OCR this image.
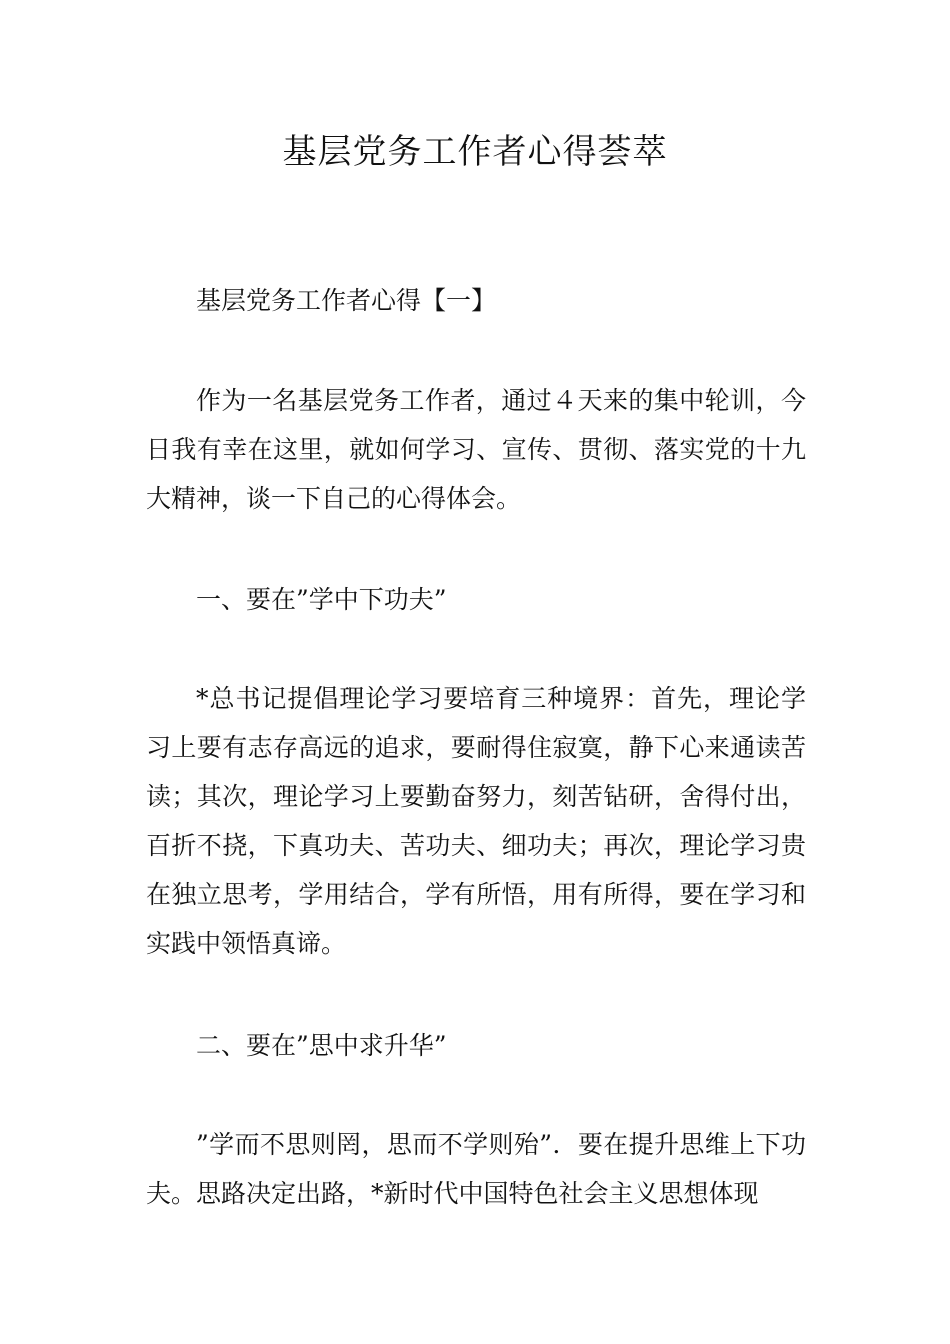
基层党务工作者心得荟萃

基层党务工作者心得【一】

作为一名基层党务工作者，通过４天来的集中轮训，今日我有幸在这里，就如何学习、宣传、贯彻、落实党的十九大精神，谈一下自己的心得体会。

一、要在”学中下功夫”

*总书记提倡理论学习要培育三种境界：首先，理论学习上要有志存高远的追求，要耐得住寂寞，静下心来通读苦读；其次，理论学习上要勤奋努力，刻苦钻研，舍得付出，百折不挠，下真功夫、苦功夫、细功夫；再次，理论学习贵在独立思考，学用结合，学有所悟，用有所得，要在学习和实践中领悟真谛。

二、要在”思中求升华”

”学而不思则罔，思而不学则殆”．要在提升思维上下功夫。思路决定出路，*新时代中国特色社会主义思想体现
